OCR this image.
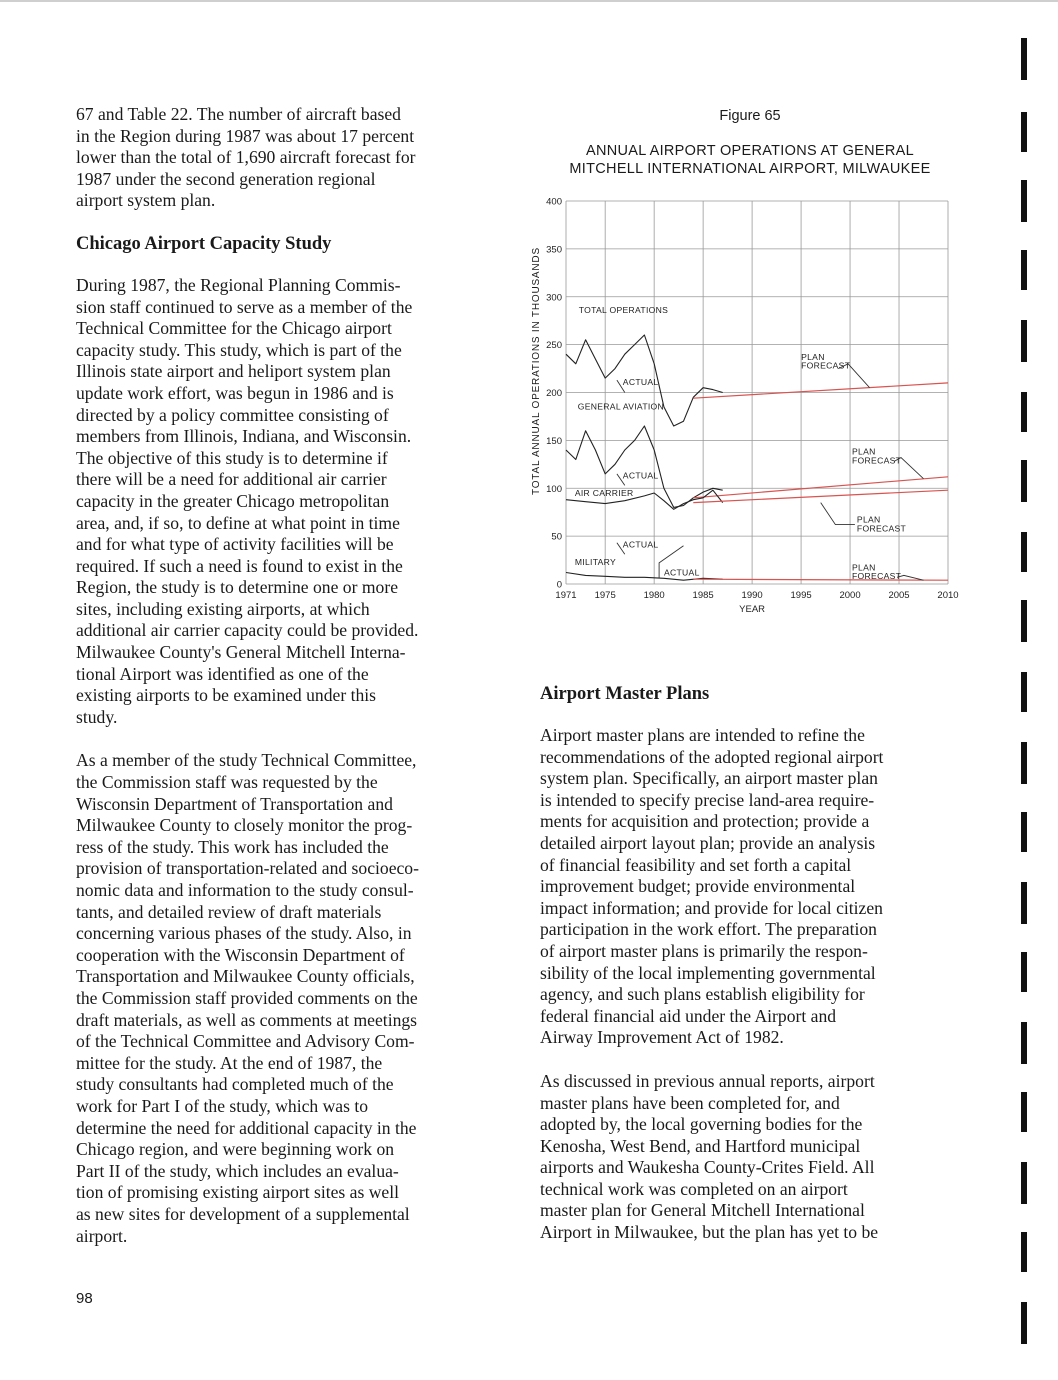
67 and Table 22. The number of aircraft based
in the Region during 1987 was about 17 percent
lower than the total of 1,690 aircraft forecast for
1987 under the second generation regional
airport system plan.

Chicago Airport Capacity Study

During 1987, the Regional Planning Commis-
sion staff continued to serve as a member of the
Technical Committee for the Chicago airport
capacity study. This study, which is part of the
Illinois state airport and heliport system plan
update work effort, was begun in 1986 and is
directed by a policy committee consisting of
members from Illinois, Indiana, and Wisconsin.
The objective of this study is to determine if
there will be a need for additional air carrier
capacity in the greater Chicago metropolitan
area, and, if so, to define at what point in time
and for what type of activity facilities will be
required. If such a need is found to exist in the
Region, the study is to determine one or more
sites, including existing airports, at which
additional air carrier capacity could be provided.
Milwaukee County's General Mitchell Interna-
tional Airport was identified as one of the
existing airports to be examined under this
study.

As a member of the study Technical Committee,
the Commission staff was requested by the
Wisconsin Department of Transportation and
Milwaukee County to closely monitor the prog-
ress of the study. This work has included the
provision of transportation-related and socioeco-
nomic data and information to the study consul-
tants, and detailed review of draft materials
concerning various phases of the study. Also, in
cooperation with the Wisconsin Department of
Transportation and Milwaukee County officials,
the Commission staff provided comments on the
draft materials, as well as comments at meetings
of the Technical Committee and Advisory Com-
mittee for the study. At the end of 1987, the
study consultants had completed much of the
work for Part I of the study, which was to
determine the need for additional capacity in the
Chicago region, and were beginning work on
Part II of the study, which includes an evalua-
tion of promising existing airport sites as well
as new sites for development of a supplemental
airport.

Figure 65
ANNUAL AIRPORT OPERATIONS AT GENERAL
MITCHELL INTERNATIONAL AIRPORT, MILWAUKEE
0
50
100
150
200
250
300
350
400
1971 1975	1980	1985	1990	1995	2000	2005	2010
YEAR
TOTAL OPERATIONS
ACTUAL
GENERAL AVIATION
ACTUAL
AIR CARRIER
ACTUAL
MILITARY
ACTUAL
PLAN
FORECAST
PLAN
FORECAST
PLAN
FORECAST
PLAN
FORECAST
TOTAL ANNUAL OPERATIONS IN THOUSANDS
Airport Master Plans

Airport master plans are intended to refine the
recommendations of the adopted regional airport
system plan. Specifically, an airport master plan
is intended to specify precise land-area require-
ments for acquisition and protection; provide a
detailed airport layout plan; provide an analysis
of financial feasibility and set forth a capital
improvement budget; provide environmental
impact information; and provide for local citizen
participation in the work effort. The preparation
of airport master plans is primarily the respon-
sibility of the local implementing governmental
agency, and such plans establish eligibility for
federal financial aid under the Airport and
Airway Improvement Act of 1982.

As discussed in previous annual reports, airport
master plans have been completed for, and
adopted by, the local governing bodies for the
Kenosha, West Bend, and Hartford municipal
airports and Waukesha County-Crites Field. All
technical work was completed on an airport
master plan for General Mitchell International
Airport in Milwaukee, but the plan has yet to be

98
